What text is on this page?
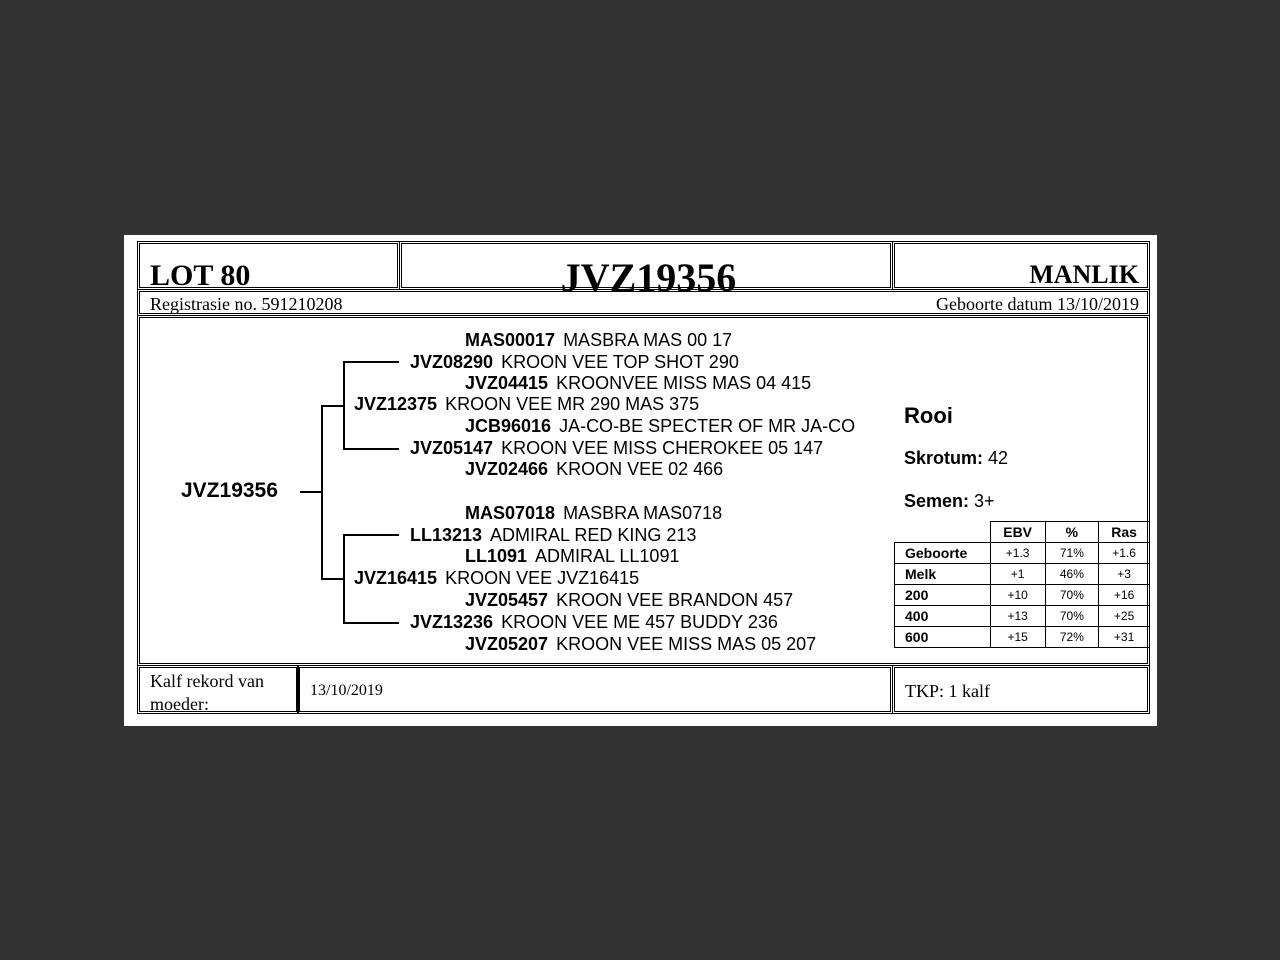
LOT 80	JVZ19356	MANLIK
Registrasie no. 591210208	Geboorte datum 13/10/2019
JVZ19356
MAS00017 MASBRA MAS 00 17
JVZ08290 KROON VEE TOP SHOT 290
JVZ04415 KROONVEE MISS MAS 04 415
JVZ12375 KROON VEE MR 290 MAS 375
JCB96016 JA-CO-BE SPECTER OF MR JA-CO
JVZ05147 KROON VEE MISS CHEROKEE 05 147
JVZ02466 KROON VEE 02 466
MAS07018 MASBRA MAS0718
LL13213 ADMIRAL RED KING 213
LL1091 ADMIRAL LL1091
JVZ16415 KROON VEE JVZ16415
JVZ05457 KROON VEE BRANDON 457
JVZ13236 KROON VEE ME 457 BUDDY 236
JVZ05207 KROON VEE MISS MAS 05 207
Rooi
Skrotum: 42
Semen: 3+
	EBV	%	Ras
Geboorte	+1.3	71%	+1.6
Melk	+1	46%	+3
200	+10	70%	+16
400	+13	70%	+25
600	+15	72%	+31
Kalf rekord van moeder:
13/10/2019	TKP: 1 kalf
